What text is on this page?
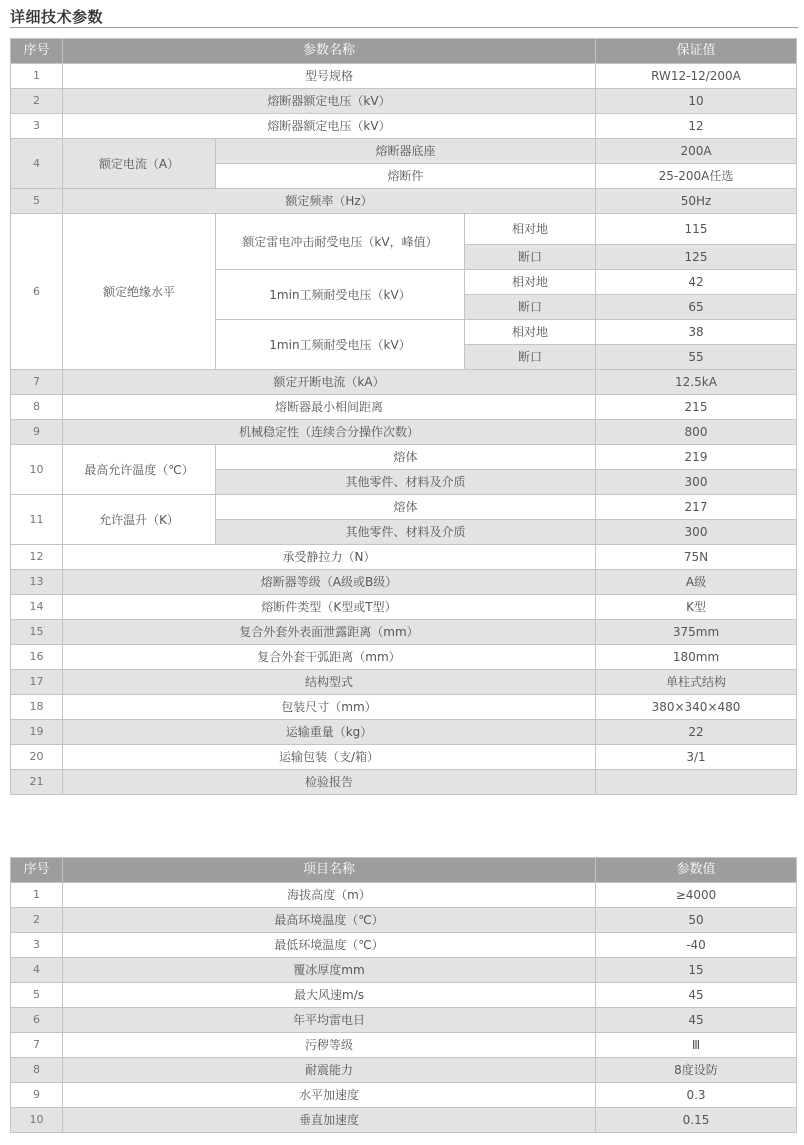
详细技术参数
序号	参数名称			保证值
1	型号规格			RW12-12/200A
2	熔断器额定电压（kV）			10
3	熔断器额定电压（kV）			12
4	额定电流（A）	熔断器底座		200A
		熔断件		25-200A任选
5	额定频率（Hz）			50Hz
6	额定绝缘水平	额定雷电冲击耐受电压（kV，峰值）	相对地	115
			断口	125
		1min工频耐受电压（kV）	相对地	42
			断口	65
		1min工频耐受电压（kV）	相对地	38
			断口	55
7	额定开断电流（kA）			12.5kA
8	熔断器最小相间距离			215
9	机械稳定性（连续合分操作次数）			800
10	最高允许温度（℃）	熔体		219
		其他零件、材料及介质		300
11	允许温升（K）	熔体		217
		其他零件、材料及介质		300
12	承受静拉力（N）			75N
13	熔断器等级（A级或B级）			A级
14	熔断件类型（K型或T型）			K型
15	复合外套外表面泄露距离（mm）			375mm
16	复合外套干弧距离（mm）			180mm
17	结构型式			单柱式结构
18	包装尺寸（mm）			380×340×480
19	运输重量（kg）			22
20	运输包装（支/箱）			3/1
21	检验报告			
序号	项目名称	参数值
1	海拔高度（m）	≥4000
2	最高环境温度（℃）	50
3	最低环境温度（℃）	-40
4	覆冰厚度mm	15
5	最大风速m/s	45
6	年平均雷电日	45
7	污秽等级	Ⅲ
8	耐震能力	8度设防
9	水平加速度	0.3
10	垂直加速度	0.15
